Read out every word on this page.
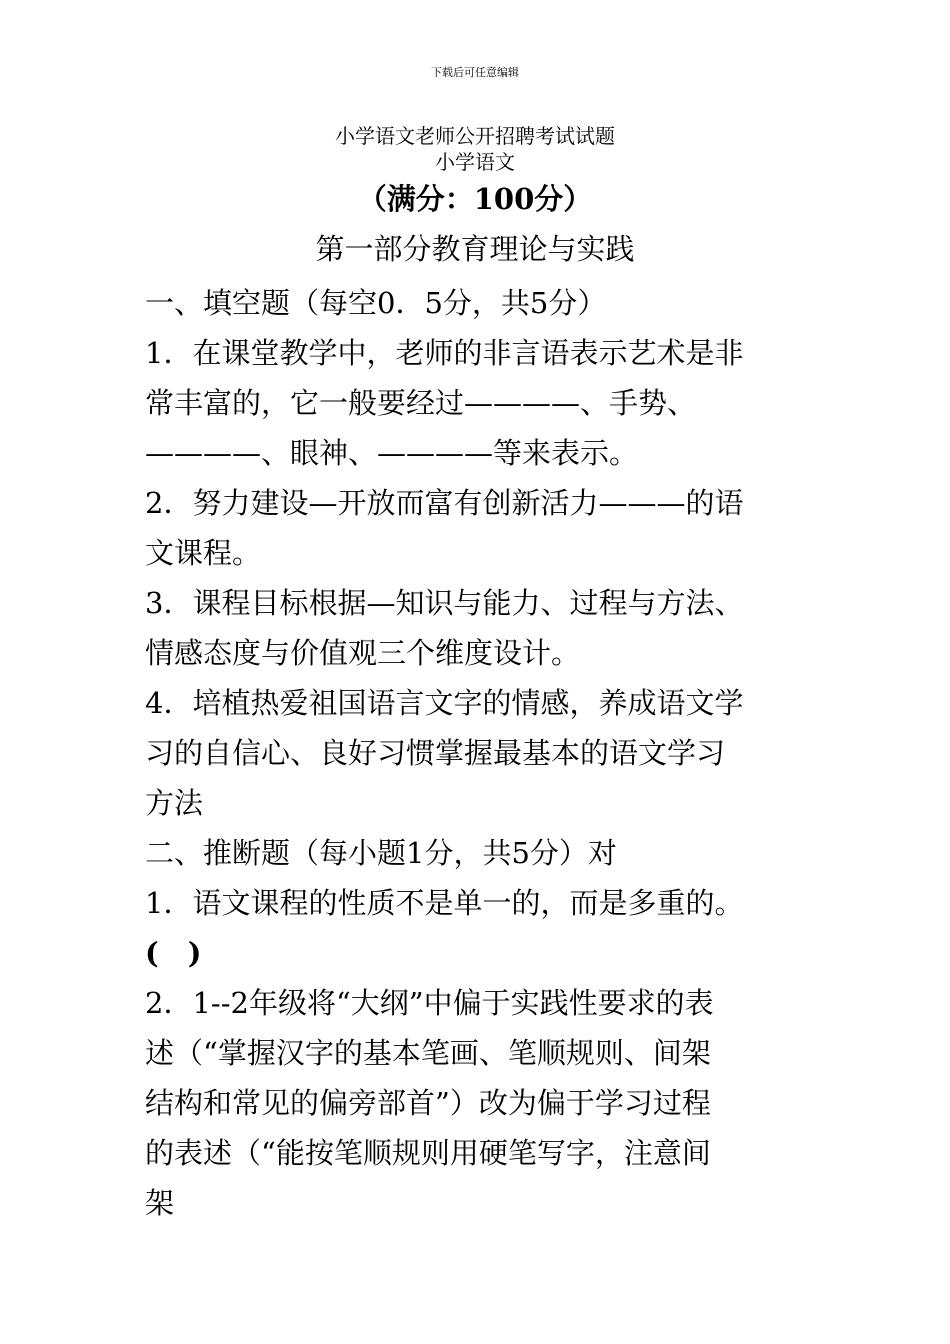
下载后可任意编辑
小学语文老师公开招聘考试试题
小学语文
（满分：100分）
第一部分教育理论与实践
一、填空题（每空0．5分，共5分）
1．在课堂教学中，老师的非言语表示艺术是非
常丰富的，它一般要经过————、手势、
————、眼神、————等来表示。
2．努力建设—开放而富有创新活力———的语
文课程。
3．课程目标根据—知识与能力、过程与方法、
情感态度与价值观三个维度设计。
4．培植热爱祖国语言文字的情感，养成语文学
习的自信心、良好习惯掌握最基本的语文学习
方法
二、推断题（每小题1分，共5分）对
1．语文课程的性质不是单一的，而是多重的。
(　)
2．1--2年级将“大纲”中偏于实践性要求的表
述（“掌握汉字的基本笔画、笔顺规则、间架
结构和常见的偏旁部首”）改为偏于学习过程
的表述（“能按笔顺规则用硬笔写字，注意间
架
